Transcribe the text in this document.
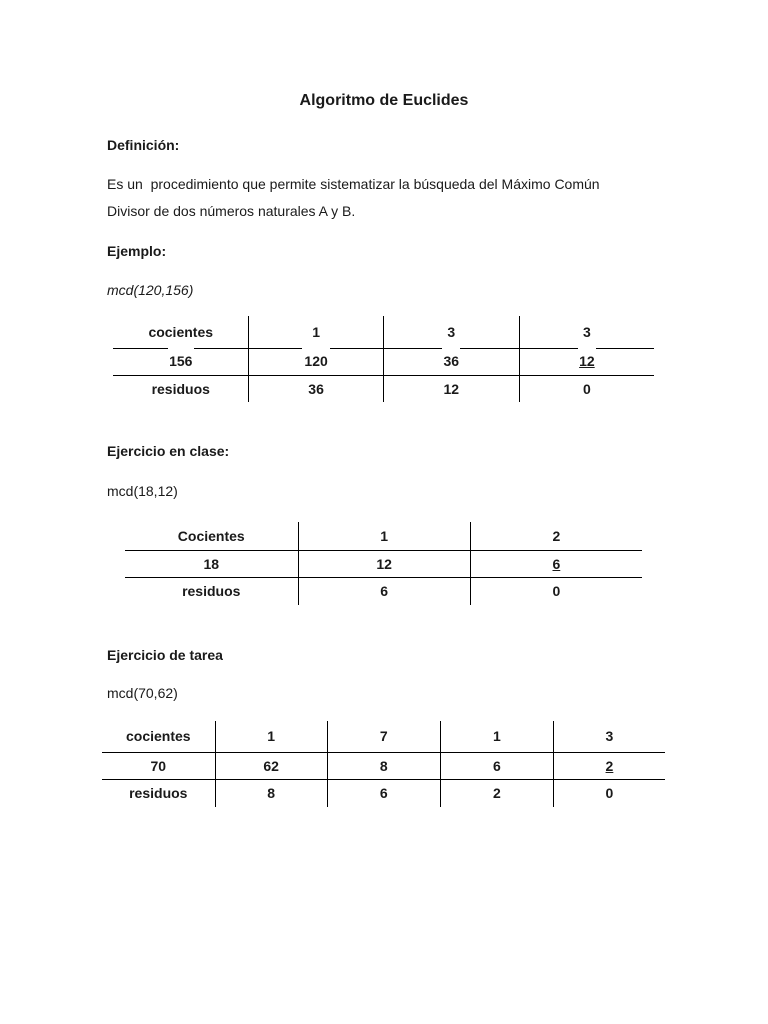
Algoritmo de Euclides
Definición:
Es un  procedimiento que permite sistematizar la búsqueda del Máximo Común
Divisor de dos números naturales A y B.
Ejemplo:
mcd(120,156)
cocientes	1	3	3
156	120	36	12
residuos	36	12	0
Ejercicio en clase:
mcd(18,12)
Cocientes	1	2
18	12	6
residuos	6	0
Ejercicio de tarea
mcd(70,62)
cocientes	1	7	1	3
70	62	8	6	2
residuos	8	6	2	0
